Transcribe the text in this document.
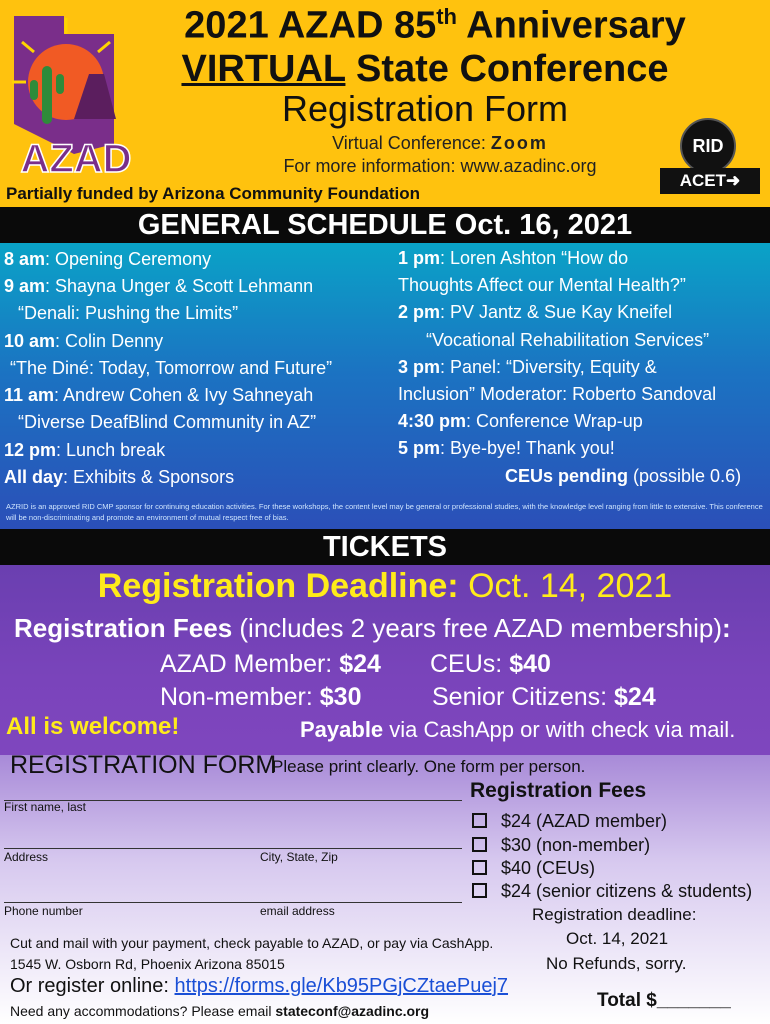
AZAD
2021 AZAD 85th Anniversary
VIRTUAL State Conference
Registration Form
Virtual Conference: Zoom
For more information: www.azadinc.org
Partially funded by Arizona Community Foundation
RID
ACET ➜
GENERAL SCHEDULE Oct. 16, 2021
8 am: Opening Ceremony
9 am: Shayna Unger & Scott Lehmann
“Denali: Pushing the Limits”
10 am: Colin Denny
“The Diné: Today, Tomorrow and Future”
11 am: Andrew Cohen & Ivy Sahneyah
“Diverse DeafBlind Community in AZ”
12 pm: Lunch break
All day: Exhibits & Sponsors
1 pm: Loren Ashton “How do
Thoughts Affect our Mental Health?”
2 pm: PV Jantz & Sue Kay Kneifel
“Vocational Rehabilitation Services”
3 pm: Panel: “Diversity, Equity &
Inclusion” Moderator: Roberto Sandoval
4:30 pm: Conference Wrap-up
5 pm: Bye-bye! Thank you!
CEUs pending (possible 0.6)
AZRID is an approved RID CMP sponsor for continuing education activities. For these workshops, the content level may be general or professional studies, with the knowledge level ranging from little to extensive. This conference will be non-discriminating and promote an environment of mutual respect free of bias.
TICKETS
Registration Deadline: Oct. 14, 2021
Registration Fees (includes 2 years free AZAD membership):
AZAD Member: $24 CEUs: $40
Non-member: $30	Senior Citizens: $24
All is welcome!	Payable via CashApp or with check via mail.
REGISTRATION FORM
Please print clearly. One form per person.
First name, last
Address	City, State, Zip
Phone number	email address
Registration Fees
$24 (AZAD member)
$30 (non-member)
$40 (CEUs)
$24 (senior citizens & students)
Registration deadline:
Oct. 14, 2021
No Refunds, sorry.
Cut and mail with your payment, check payable to AZAD, or pay via CashApp.
1545 W. Osborn Rd, Phoenix Arizona 85015
Or register online: https://forms.gle/Kb95PGjCZtaePuej7
Need any accommodations? Please email stateconf@azadinc.org	Total $_______
